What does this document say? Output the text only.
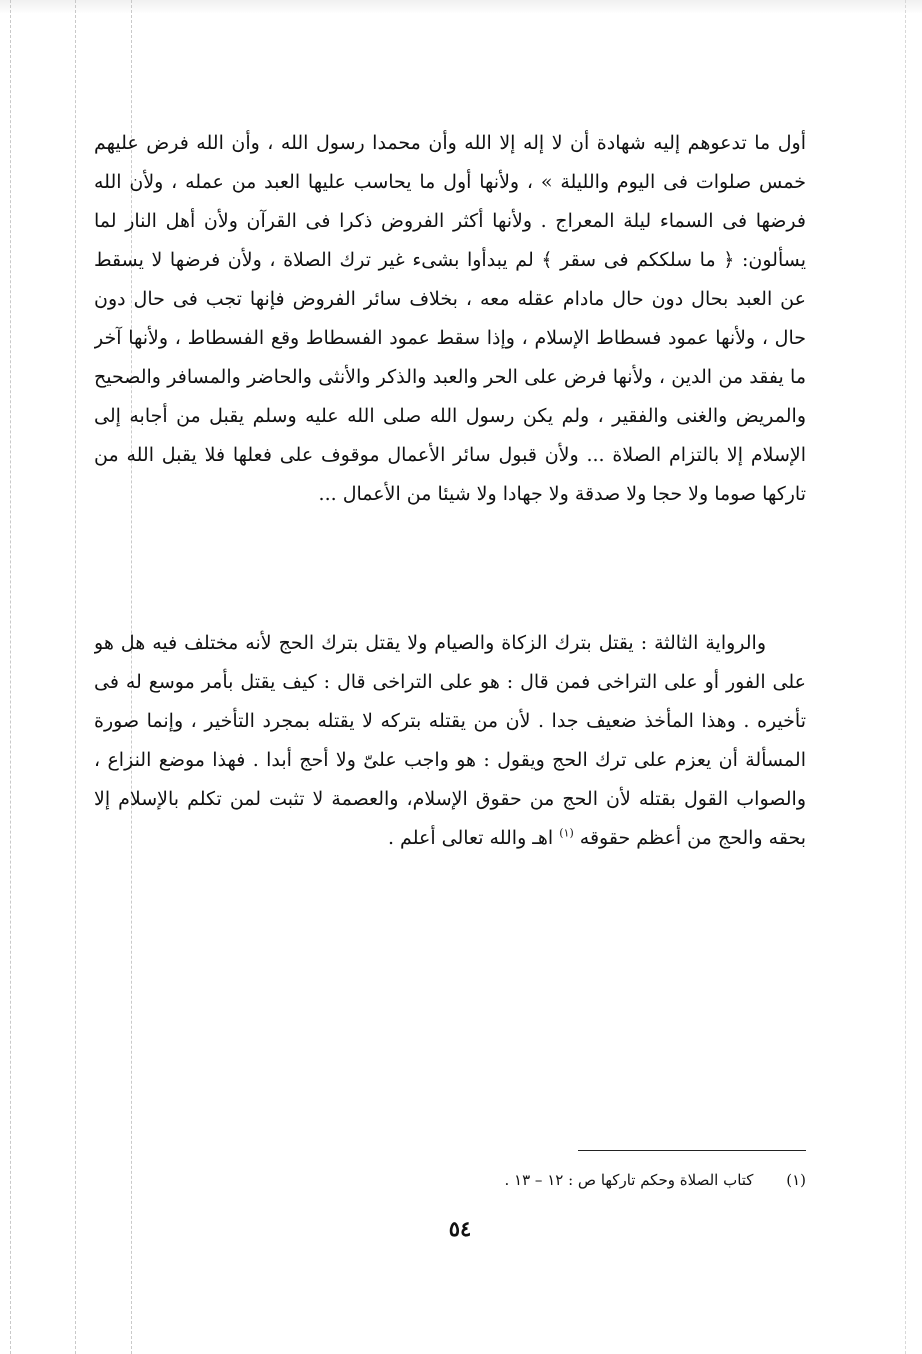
أول ما تدعوهم إليه شهادة أن لا إله إلا الله وأن محمدا رسول الله ، وأن الله فرض عليهم خمس صلوات فى اليوم والليلة » ، ولأنها أول ما يحاسب عليها العبد من عمله ، ولأن الله فرضها فى السماء ليلة المعراج . ولأنها أكثر الفروض ذكرا فى القرآن ولأن أهل النار لما يسألون: ﴿ ما سلككم فى سقر ﴾ لم يبدأوا بشىء غير ترك الصلاة ، ولأن فرضها لا يسقط عن العبد بحال دون حال مادام عقله معه ، بخلاف سائر الفروض فإنها تجب فى حال دون حال ، ولأنها عمود فسطاط الإسلام ، وإذا سقط عمود الفسطاط وقع الفسطاط ، ولأنها آخر ما يفقد من الدين ، ولأنها فرض على الحر والعبد والذكر والأنثى والحاضر والمسافر والصحيح والمريض والغنى والفقير ، ولم يكن رسول الله صلى الله عليه وسلم يقبل من أجابه إلى الإسلام إلا بالتزام الصلاة ... ولأن قبول سائر الأعمال موقوف على فعلها فلا يقبل الله من تاركها صوما ولا حجا ولا صدقة ولا جهادا ولا شيئا من الأعمال ...

والرواية الثالثة : يقتل بترك الزكاة والصيام ولا يقتل بترك الحج لأنه مختلف فيه هل هو على الفور أو على التراخى فمن قال : هو على التراخى قال : كيف يقتل بأمر موسع له فى تأخيره . وهذا المأخذ ضعيف جدا . لأن من يقتله بتركه لا يقتله بمجرد التأخير ، وإنما صورة المسألة أن يعزم على ترك الحج ويقول : هو واجب علىّ ولا أحج أبدا . فهذا موضع النزاع ، والصواب القول بقتله لأن الحج من حقوق الإسلام، والعصمة لا تثبت لمن تكلم بالإسلام إلا بحقه والحج من أعظم حقوقه $^{(١)}$ اهـ والله تعالى أعلم .

(١) كتاب الصلاة وحكم تاركها ص : ١٢ – ١٣ .
٥٤
